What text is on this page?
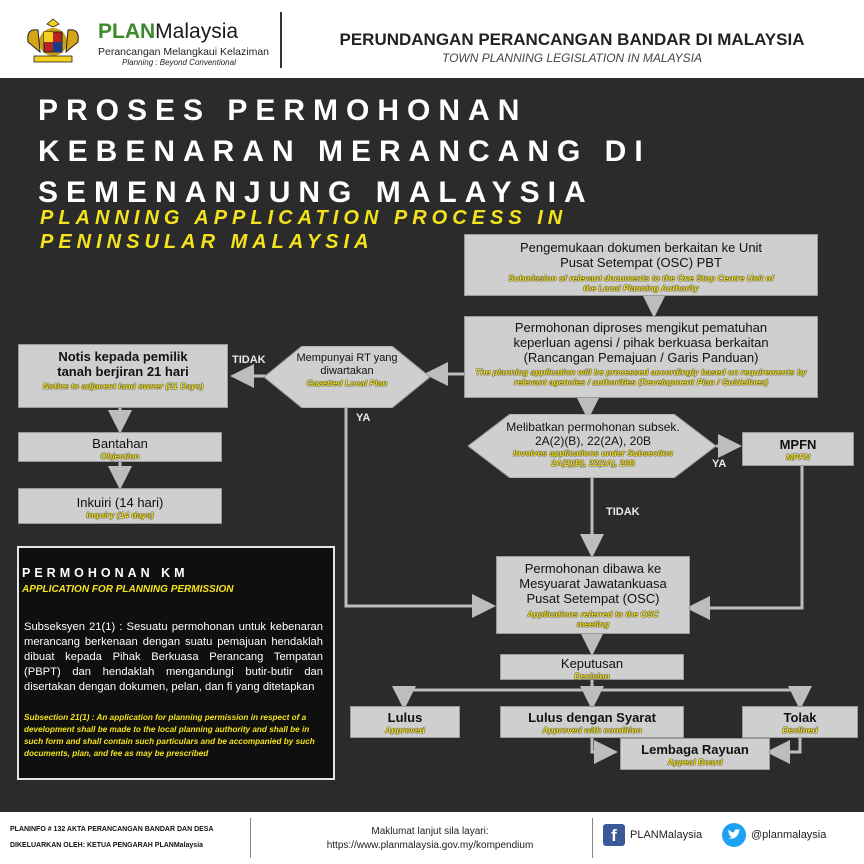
PLANMalaysia
Perancangan Melangkaui Kelaziman
Planning : Beyond Conventional
PERUNDANGAN PERANCANGAN BANDAR DI MALAYSIA
TOWN PLANNING LEGISLATION IN MALAYSIA
PROSES PERMOHONAN KEBENARAN MERANCANG DI SEMENANJUNG MALAYSIA
PLANNING APPLICATION PROCESS IN PENINSULAR MALAYSIA	Pengemukaan dokumen berkaitan ke Unit Pusat Setempat (OSC) PBT
Submission of relevant documents to the One Stop Centre Unit of the Local Planning Authority
Permohonan diproses mengikut pematuhan keperluan agensi / pihak berkuasa berkaitan (Rancangan Pemajuan / Garis Panduan)
The planning application will be processed accordingly based on requirements by relevant agencies / authorities (Development Plan / Guidelines)
Mempunyai RT yang diwartakan
Gazetted Local Plan
Notis kepada pemilik tanah berjiran 21 hari
Notice to adjacent land owner (21 Days)
Bantahan
Objection
Inkuiri (14 hari)
Inquiry (14 days)
Melibatkan permohonan subsek. 2A(2)(B), 22(2A), 20B
Involves applications under Subsection 2A(2)(B), 22(2A), 20B
MPFN
MPFN
Permohonan dibawa ke Mesyuarat Jawatankuasa Pusat Setempat (OSC)
Applications referred to the OSC meeting
Keputusan
Decision
Lulus
Approved
Lulus dengan Syarat
Approved with condition
Tolak
Declined
Lembaga Rayuan
Appeal Board
TIDAK
YA
YA
TIDAK
PERMOHONAN KM
APPLICATION FOR PLANNING PERMISSION
Subseksyen 21(1) : Sesuatu permohonan untuk kebenaran merancang berkenaan dengan suatu pemajuan hendaklah dibuat kepada Pihak Berkuasa Perancang Tempatan (PBPT) dan hendaklah mengandungi butir-butir dan disertakan dengan dokumen, pelan, dan fi yang ditetapkan
Subsection 21(1) : An application for planning permission in respect of a development shall be made to the local planning authority and shall be in such form and shall contain such particulars and be accompanied by such documents, plan, and fee as may be prescribed
PLANINFO # 132 AKTA PERANCANGAN BANDAR DAN DESA
DIKELUARKAN OLEH: KETUA PENGARAH PLANMalaysia
Maklumat lanjut sila layari:
https://www.planmalaysia.gov.my/kompendium
f	PLANMalaysia	@planmalaysia
